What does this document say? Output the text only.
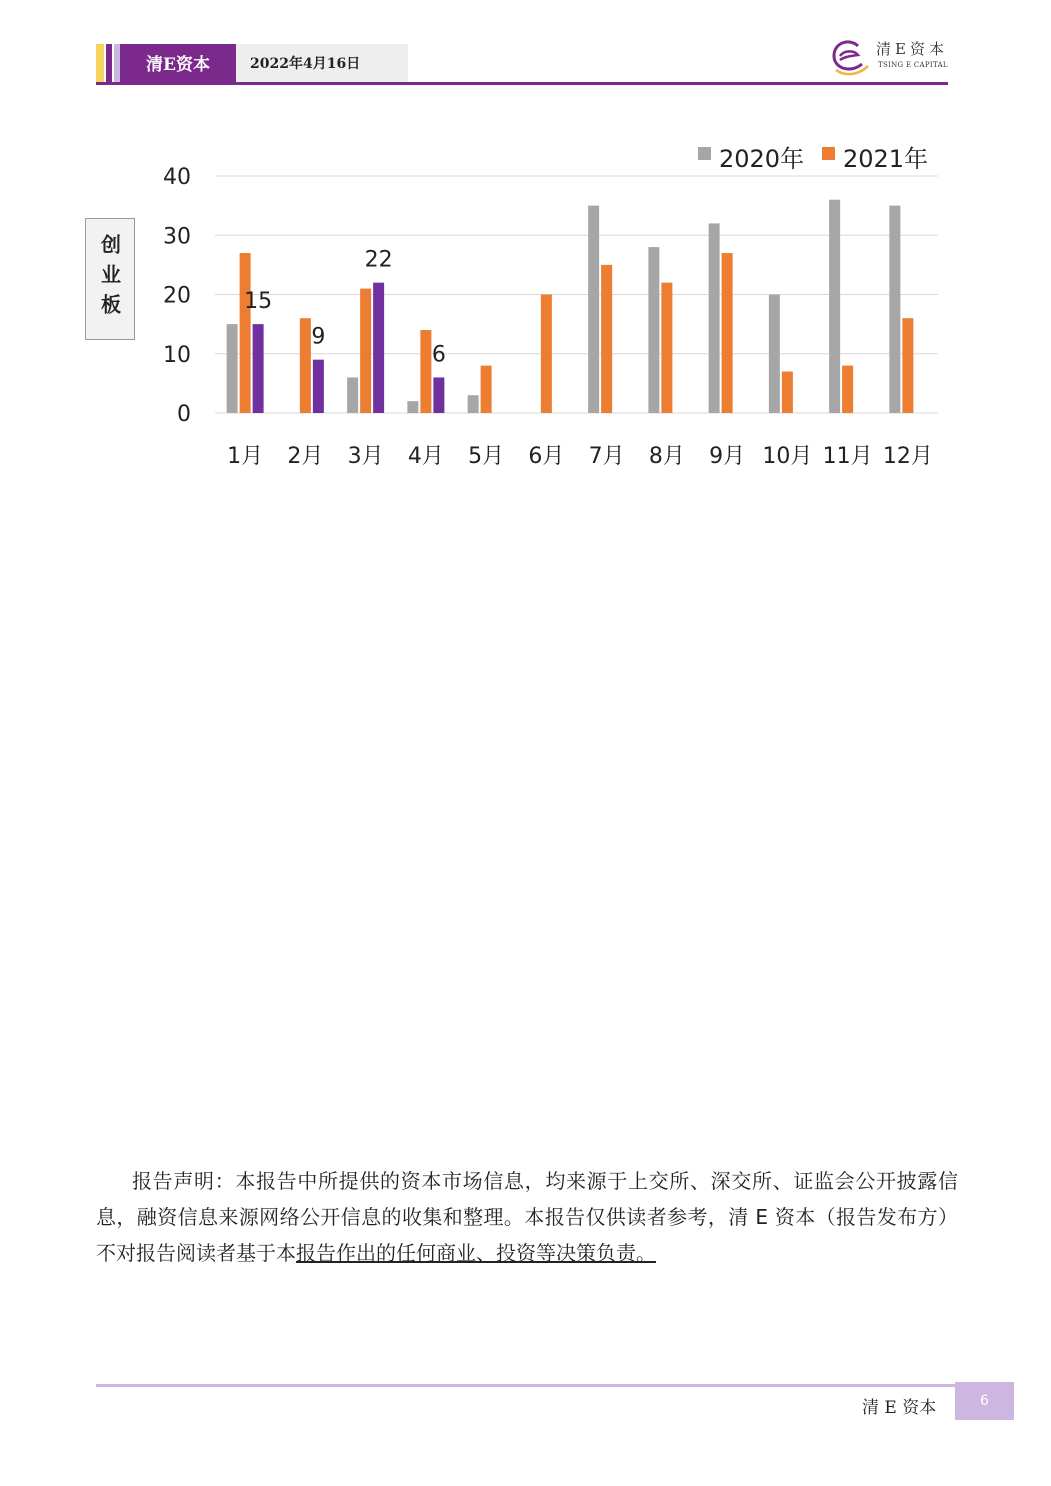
清E资本	2022年4月16日
清E资本
TSING E CAPITAL
创业板
0
10
20
30
40
1月 2月 3月 4月 5月 6月 7月 8月 9月 10月 11月 12月
15
9
22
6
2020年 2021年
报告声明：本报告中所提供的资本市场信息，均来源于上交所、深交所、证监会公开披露信息，融资信息来源网络公开信息的收集和整理。本报告仅供读者参考，清 E 资本（报告发布方）不对报告阅读者基于本报告作出的任何商业、投资等决策负责。
清 E 资本	6
